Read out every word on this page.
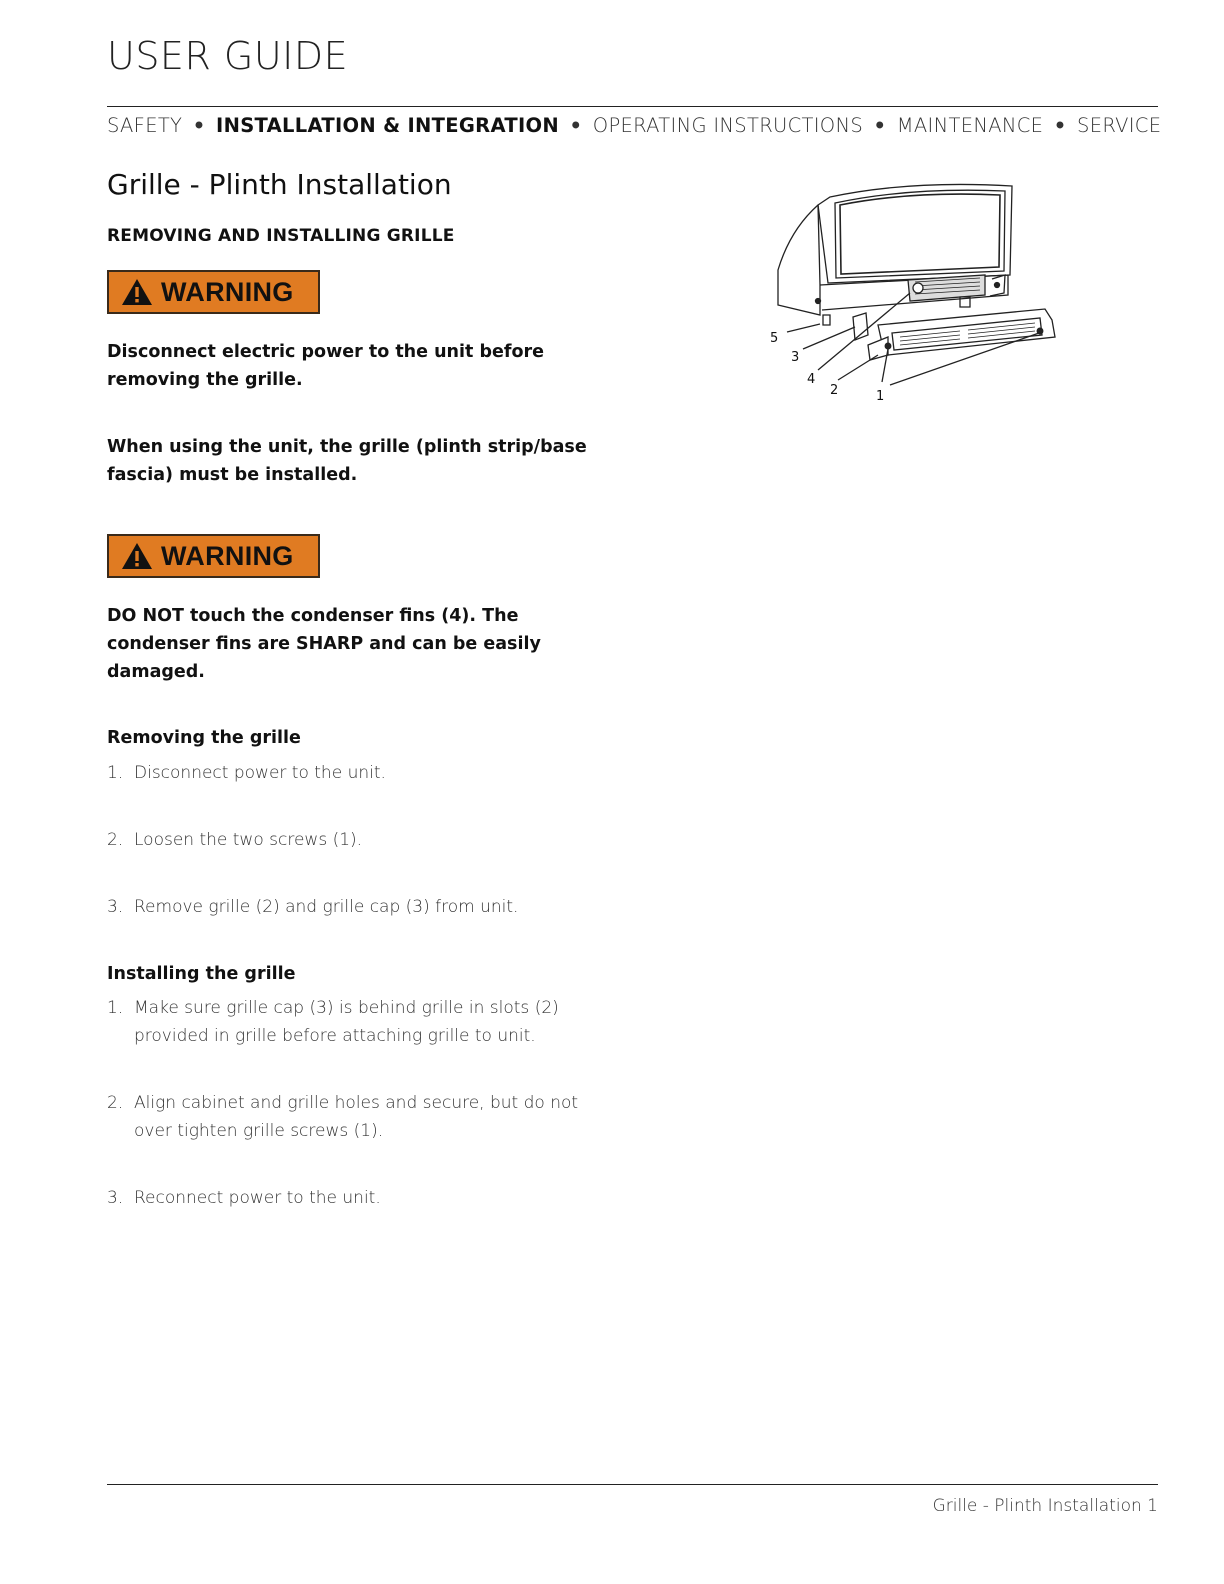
USER GUIDE
SAFETY • INSTALLATION & INTEGRATION • OPERATING INSTRUCTIONS • MAINTENANCE • SERVICE
Grille - Plinth Installation
REMOVING AND INSTALLING GRILLE
WARNING

Disconnect electric power to the unit before removing the grille.

When using the unit, the grille (plinth strip/base fascia) must be installed.

WARNING

DO NOT touch the condenser fins (4). The condenser fins are SHARP and can be easily damaged.

Removing the grille
1. Disconnect power to the unit.
2. Loosen the two screws (1).
3. Remove grille (2) and grille cap (3) from unit.
Installing the grille
1. Make sure grille cap (3) is behind grille in slots (2) provided in grille before attaching grille to unit.
2. Align cabinet and grille holes and secure, but do not over tighten grille screws (1).
3. Reconnect power to the unit.
5
3
4
2	1
Grille - Plinth Installation 1
